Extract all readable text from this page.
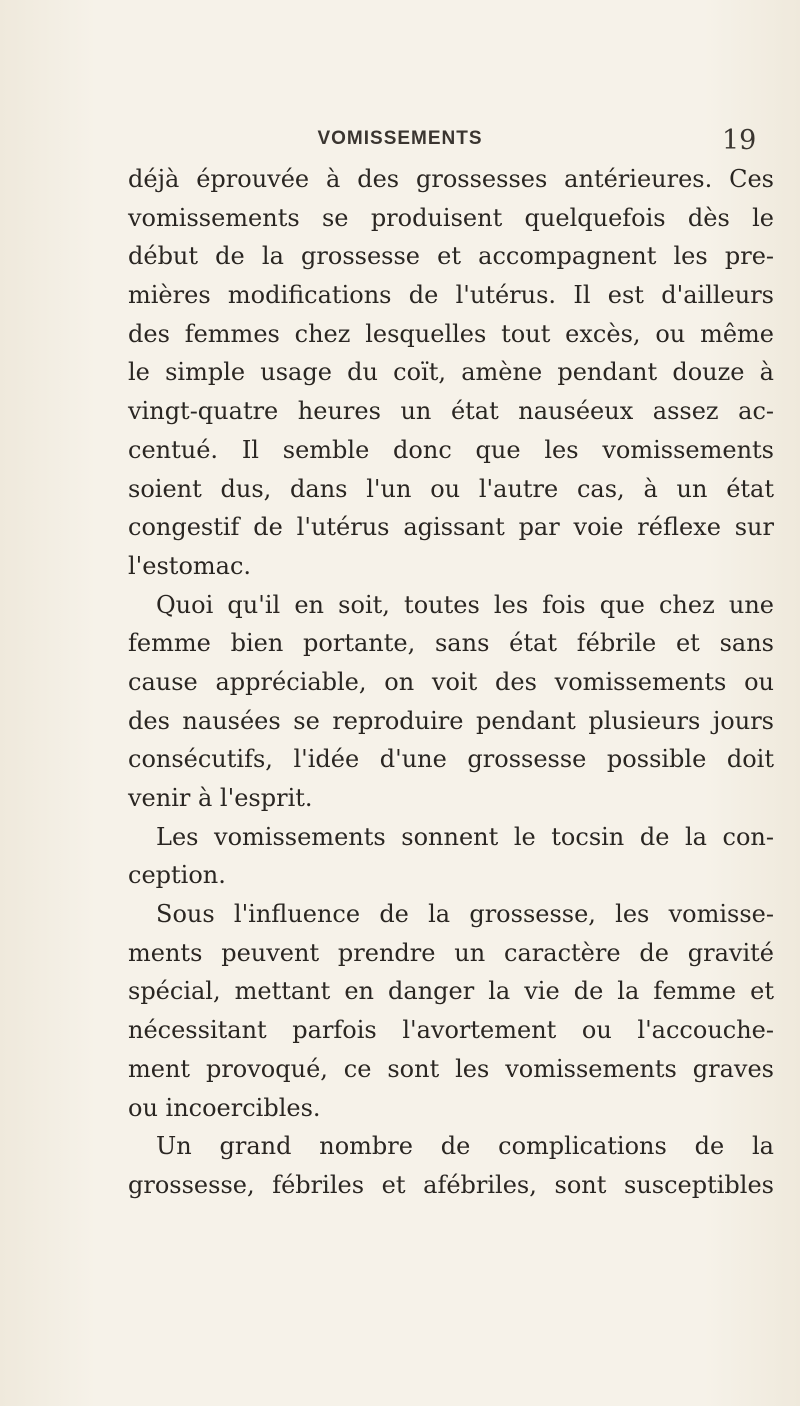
VOMISSEMENTS	19
déjà éprouvée à des grossesses antérieures. Ces
vomissements se produisent quelquefois dès le
début de la grossesse et accompagnent les pre-
mières modifications de l'utérus. Il est d'ailleurs
des femmes chez lesquelles tout excès, ou même
le simple usage du coït, amène pendant douze à
vingt-quatre heures un état nauséeux assez ac-
centué. Il semble donc que les vomissements
soient dus, dans l'un ou l'autre cas, à un état
congestif de l'utérus agissant par voie réflexe sur
l'estomac.
Quoi qu'il en soit, toutes les fois que chez une
femme bien portante, sans état fébrile et sans
cause appréciable, on voit des vomissements ou
des nausées se reproduire pendant plusieurs jours
consécutifs, l'idée d'une grossesse possible doit
venir à l'esprit.
Les vomissements sonnent le tocsin de la con-
ception.
Sous l'influence de la grossesse, les vomisse-
ments peuvent prendre un caractère de gravité
spécial, mettant en danger la vie de la femme et
nécessitant parfois l'avortement ou l'accouche-
ment provoqué, ce sont les vomissements graves
ou incoercibles.
Un grand nombre de complications de la
grossesse, fébriles et afébriles, sont susceptibles
